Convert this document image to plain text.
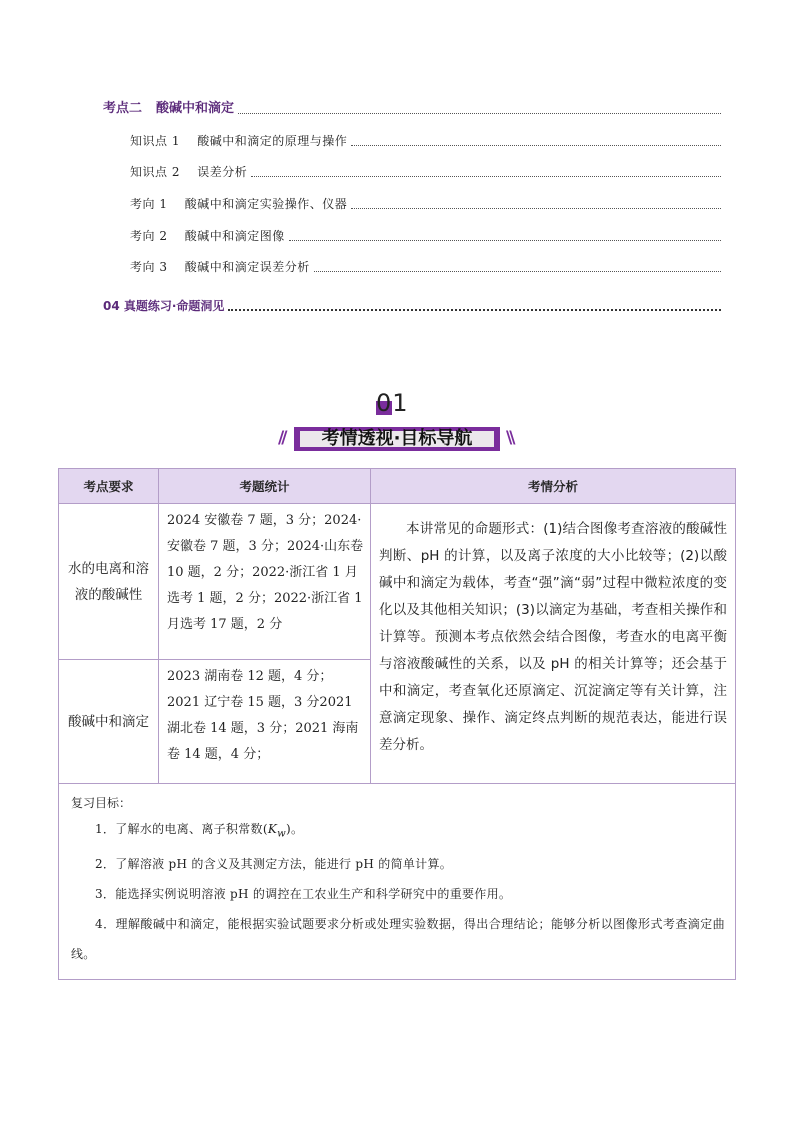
考点二 酸碱中和滴定
知识点 1 酸碱中和滴定的原理与操作
知识点 2 误差分析
考向 1 酸碱中和滴定实验操作、仪器
考向 2 酸碱中和滴定图像
考向 3 酸碱中和滴定误差分析
04 真题练习·命题洞见
01
//	考情透视·目标导航	\\
考点要求	考题统计	考情分析
水的电离和溶液的酸碱性	2024 安徽卷 7 题，3 分；2024·安徽卷 7 题，3 分；2024·山东卷 10 题，2 分；2022·浙江省 1 月选考 1 题，2 分；2022·浙江省 1 月选考 17 题，2 分	本讲常见的命题形式：(1)结合图像考查溶液的酸碱性判断、pH 的计算，以及离子浓度的大小比较等；(2)以酸碱中和滴定为载体，考查“强”滴“弱”过程中微粒浓度的变化以及其他相关知识；(3)以滴定为基础，考查相关操作和计算等。预测本考点依然会结合图像，考查水的电离平衡与溶液酸碱性的关系，以及 pH 的相关计算等；还会基于中和滴定，考查氧化还原滴定、沉淀滴定等有关计算，注意滴定现象、操作、滴定终点判断的规范表达，能进行误差分析。
酸碱中和滴定	2023 湖南卷 12 题，4 分；2021 辽宁卷 15 题，3 分2021 湖北卷 14 题，3 分；2021 海南卷 14 题，4 分；	

复习目标：
1．了解水的电离、离子积常数$(K_w)$。
2．了解溶液 pH 的含义及其测定方法，能进行 pH 的简单计算。
3．能选择实例说明溶液 pH 的调控在工农业生产和科学研究中的重要作用。
4．理解酸碱中和滴定，能根据实验试题要求分析或处理实验数据，得出合理结论；能够分析以图像形式考查滴定曲线。		
